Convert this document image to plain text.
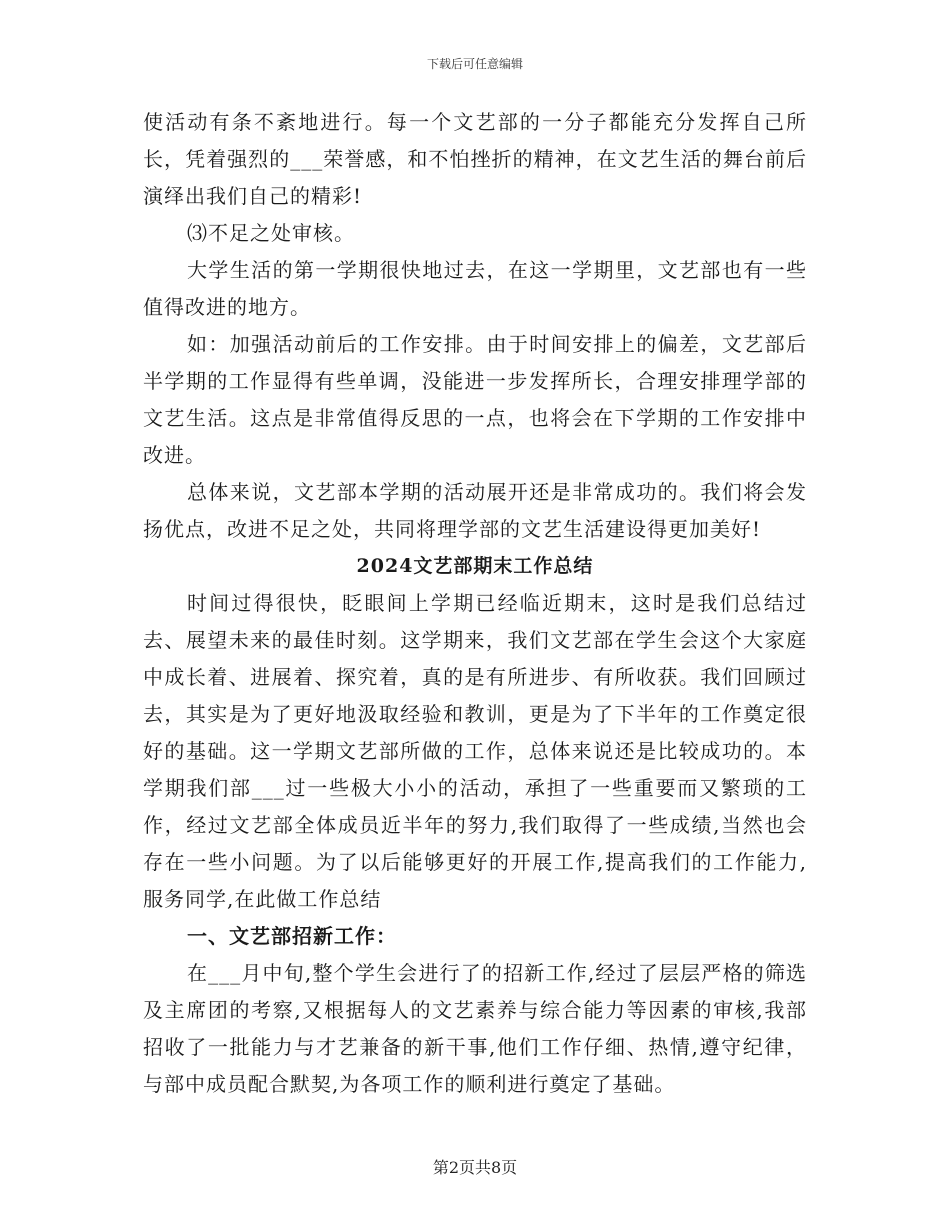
下载后可任意编辑

使活动有条不紊地进行。每一个文艺部的一分子都能充分发挥自己所长，凭着强烈的___荣誉感，和不怕挫折的精神，在文艺生活的舞台前后演绎出我们自己的精彩!

⑶不足之处审核。

大学生活的第一学期很快地过去，在这一学期里，文艺部也有一些值得改进的地方。

如：加强活动前后的工作安排。由于时间安排上的偏差，文艺部后半学期的工作显得有些单调，没能进一步发挥所长，合理安排理学部的文艺生活。这点是非常值得反思的一点，也将会在下学期的工作安排中改进。

总体来说，文艺部本学期的活动展开还是非常成功的。我们将会发扬优点，改进不足之处，共同将理学部的文艺生活建设得更加美好!

2024文艺部期末工作总结

时间过得很快，眨眼间上学期已经临近期末，这时是我们总结过去、展望未来的最佳时刻。这学期来，我们文艺部在学生会这个大家庭中成长着、进展着、探究着，真的是有所进步、有所收获。我们回顾过去，其实是为了更好地汲取经验和教训，更是为了下半年的工作奠定很好的基础。这一学期文艺部所做的工作，总体来说还是比较成功的。本学期我们部___过一些极大小小的活动，承担了一些重要而又繁琐的工作，经过文艺部全体成员近半年的努力,我们取得了一些成绩,当然也会存在一些小问题。为了以后能够更好的开展工作,提高我们的工作能力,服务同学,在此做工作总结

一、文艺部招新工作：

在___月中旬,整个学生会进行了的招新工作,经过了层层严格的筛选及主席团的考察,又根据每人的文艺素养与综合能力等因素的审核,我部招收了一批能力与才艺兼备的新干事,他们工作仔细、热情,遵守纪律，与部中成员配合默契,为各项工作的顺利进行奠定了基础。

第2页共8页
